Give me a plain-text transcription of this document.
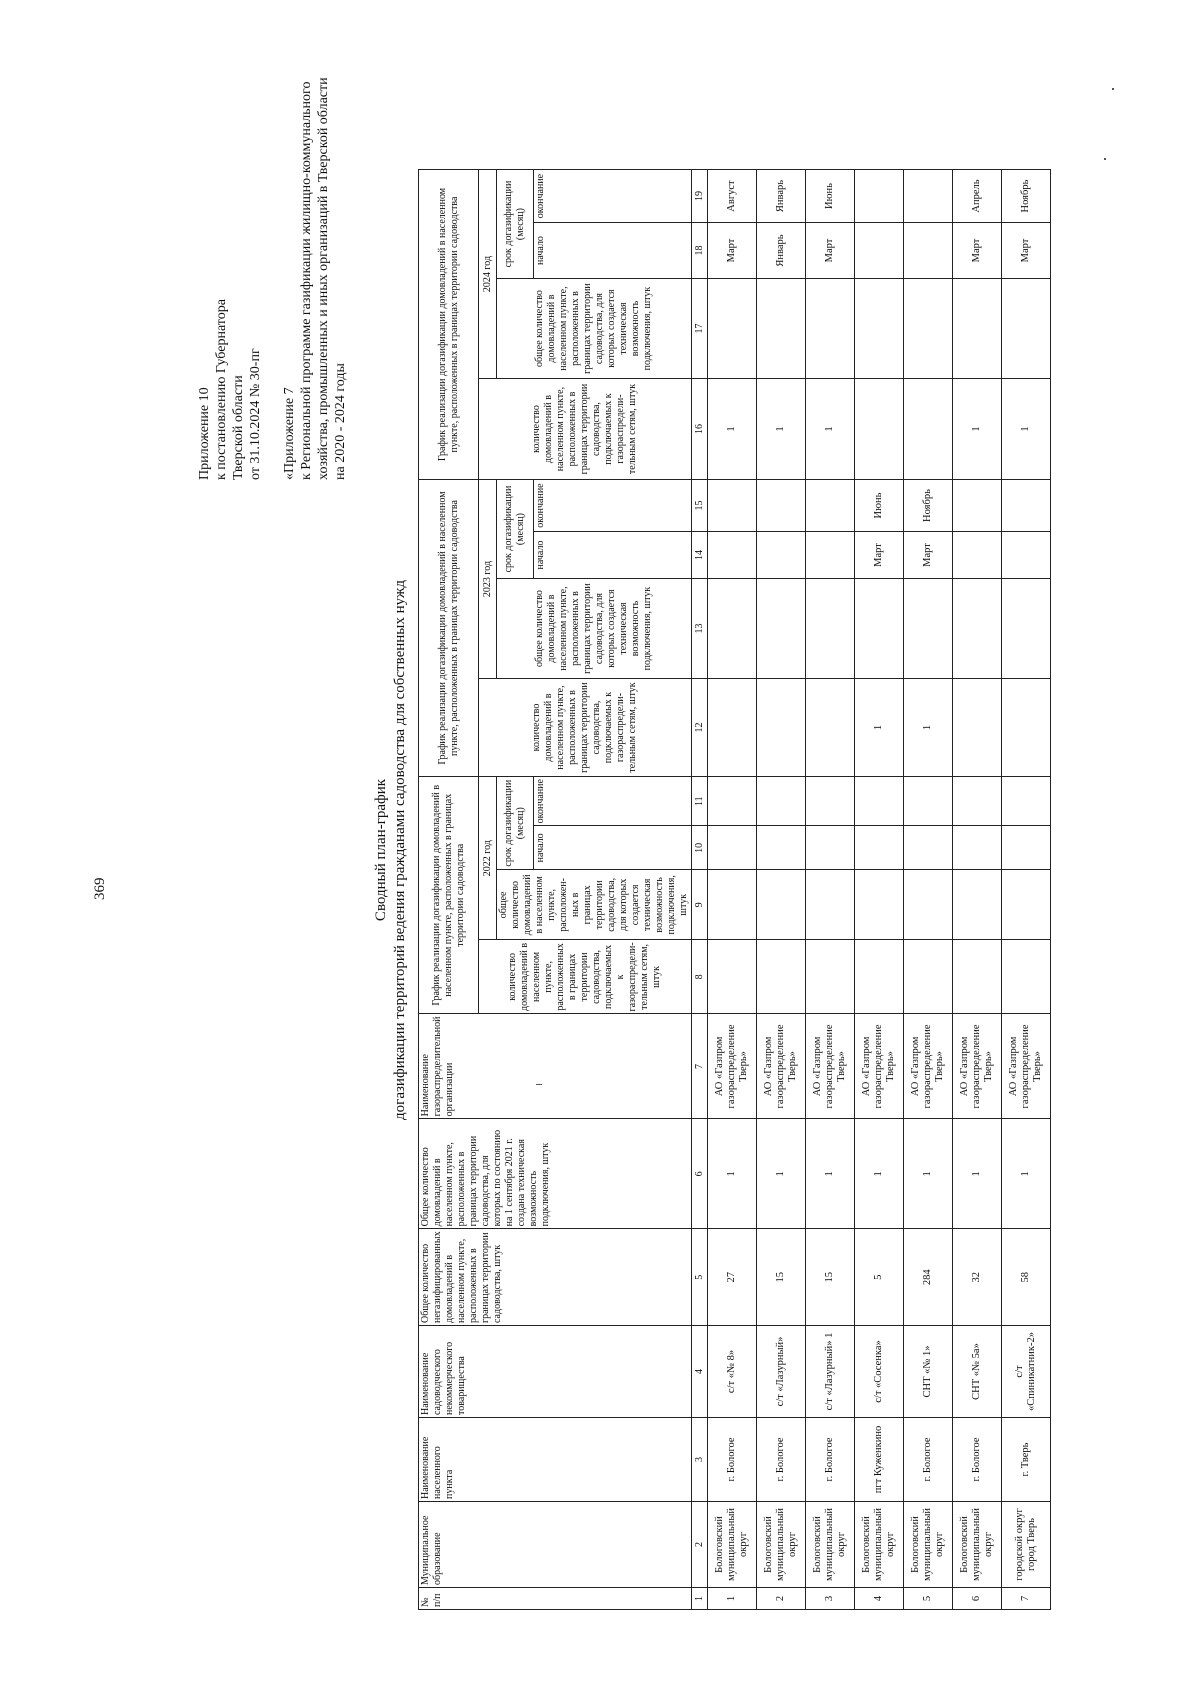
369
Приложение 10 к постановлению Губернатора Тверской области от 31.10.2024 № 30-пг «Приложение 7 к Региональной программе газификации жилищно-коммунального хозяйства, промышленных и иных организаций в Тверской области на 2020 - 2024 годы
Сводный план-график догазификации территорий ведения гражданами садоводства для собственных нужд
№ п/п	Муниципальное образование	Наименование населенного пункта	Наименование садоводческого некоммерческого товарищества	Общее количество негазифицированных домовладений в населенном пункте, расположенных в границах территории садоводства, штук	Общее количество домовладений в населенном пункте, расположенных в границах территории садоводства, для которых по состоянию на 1 сентября 2021 г. создана техническая возможность подключения, штук	Наименование газораспределительной организации	График реализации догазификации домовладений в населенном пункте, расположенных в границах территории садоводства				График реализации догазификации домовладений в населенном пункте, расположенных в границах территории садоводства				График реализации догазификации домовладений в населенном пункте, расположенных в границах территории садоводства			
							количество домовладений в населенном пункте, расположенных в границах территории садоводства, подключаемых к газораспредели-тельным сетям, штук	2022 год			количество домовладений в населенном пункте, расположенных в границах территории садоводства, подключаемых к газораспредели-тельным сетям, штук	2023 год			количество домовладений в населенном пункте, расположенных в границах территории садоводства, подключаемых к газораспредели-тельным сетям, штук	2024 год		
								общее количество домовладений в населенном пункте, расположен-ных в границах территории садоводства, для которых создается техническая возможность подключения, штук	срок догазификации (месяц)			общее количество домовладений в населенном пункте, расположенных в границах территории садоводства, для которых создается техническая возможность подключения, штук	срок догазификации (месяц)			общее количество домовладений в населенном пункте, расположенных в границах территории садоводства, для которых создается техническая возможность подключения, штук	срок догазификации (месяц)	
									начало	окончание			начало	окончание			начало	окончание
1	2	3	4	5	6	7	8	9	10	11	12	13	14	15	16	17	18	19
1	Бологовский муниципальный округ	г. Бологое	с/т «№ 8»	27	1	АО «Газпром газораспределение Тверь»									1		Март	Август
2	Бологовский муниципальный округ	г. Бологое	с/т «Лазурный»	15	1	АО «Газпром газораспределение Тверь»									1		Январь	Январь
3	Бологовский муниципальный округ	г. Бологое	с/т «Лазурный» 1	15	1	АО «Газпром газораспределение Тверь»									1		Март	Июнь
4	Бологовский муниципальный округ	пгт Куженкино	с/т «Сосенка»	5	1	АО «Газпром газораспределение Тверь»					1		Март	Июнь				
5	Бологовский муниципальный округ	г. Бологое	СНТ «№ 1»	284	1	АО «Газпром газораспределение Тверь»					1		Март	Ноябрь				
6	Бологовский муниципальный округ	г. Бологое	СНТ «№ 5а»	32	1	АО «Газпром газораспределение Тверь»									1		Март	Апрель
7	городской округ город Тверь	г. Тверь	с/т «Спиникатник-2»	58	1	АО «Газпром газораспределение Тверь»									1		Март	Ноябрь
